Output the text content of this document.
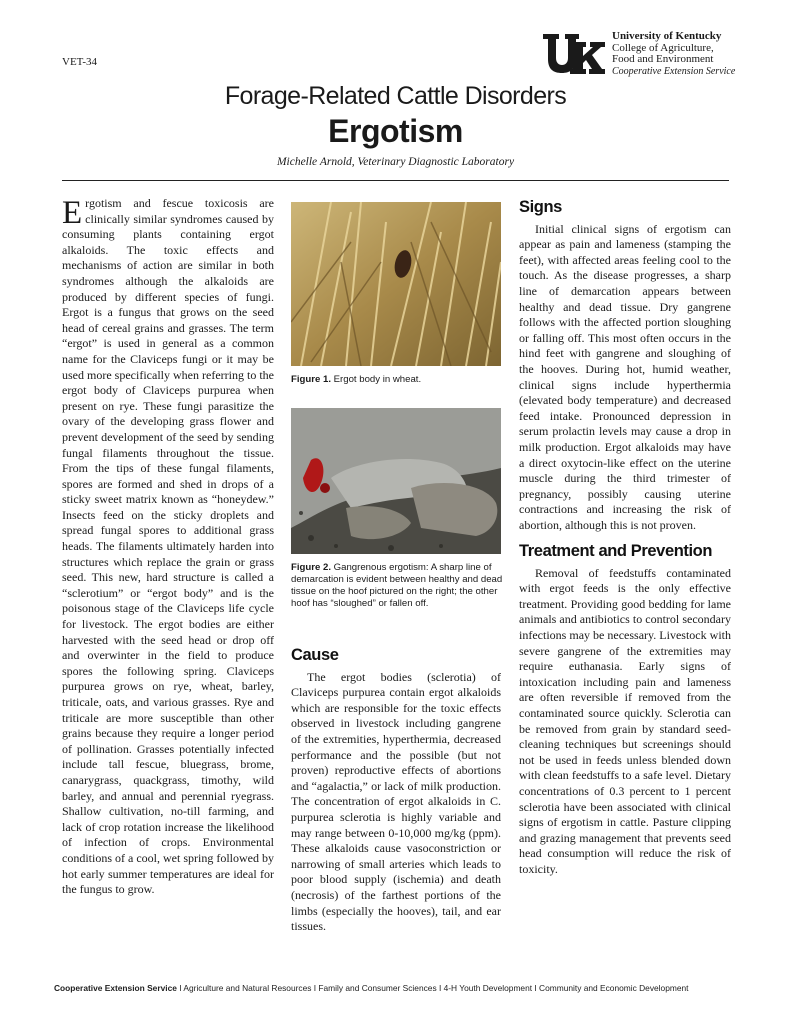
VET-34
University of Kentucky
College of Agriculture,
Food and Environment
Cooperative Extension Service
Forage-Related Cattle Disorders
Ergotism
Michelle Arnold, Veterinary Diagnostic Laboratory

Ergotism and fescue toxicosis are clinically similar syndromes caused by consuming plants containing ergot alkaloids. The toxic effects and mechanisms of action are similar in both syndromes although the alkaloids are produced by different species of fungi. Ergot is a fungus that grows on the seed head of cereal grains and grasses. The term “ergot” is used in general as a common name for the Claviceps fungi or it may be used more specifically when referring to the ergot body of Claviceps purpurea when present on rye. These fungi parasitize the ovary of the developing grass flower and prevent development of the seed by sending fungal filaments throughout the tissue. From the tips of these fungal filaments, spores are formed and shed in drops of a sticky sweet matrix known as “honeydew.” Insects feed on the sticky droplets and spread fungal spores to additional grass heads. The filaments ultimately harden into structures which replace the grain or grass seed. This new, hard structure is called a “sclerotium” or “ergot body” and is the poisonous stage of the Claviceps life cycle for livestock. The ergot bodies are either harvested with the seed head or drop off and overwinter in the field to produce spores the following spring. Claviceps purpurea grows on rye, wheat, barley, triticale, oats, and various grasses. Rye and triticale are more susceptible than other grains because they require a longer period of pollination. Grasses potentially infected include tall fescue, bluegrass, brome, canarygrass, quackgrass, timothy, wild barley, and annual and perennial ryegrass. Shallow cultivation, no-till farming, and lack of crop rotation increase the likelihood of infection of crops. Environmental conditions of a cool, wet spring followed by hot early summer temperatures are ideal for the fungus to grow.

Figure 1. Ergot body in wheat.
Figure 2. Gangrenous ergotism: A sharp line of demarcation is evident between healthy and dead tissue on the hoof pictured on the right; the other hoof has “sloughed” or fallen off.
Cause

The ergot bodies (sclerotia) of Claviceps purpurea contain ergot alkaloids which are responsible for the toxic effects observed in livestock including gangrene of the extremities, hyperthermia, decreased performance and the possible (but not proven) reproductive effects of abortions and “agalactia,” or lack of milk production. The concentration of ergot alkaloids in C. purpurea sclerotia is highly variable and may range between 0-10,000 mg/kg (ppm). These alkaloids cause vasoconstriction or narrowing of small arteries which leads to poor blood supply (ischemia) and death (necrosis) of the farthest portions of the limbs (especially the hooves), tail, and ear tissues.

Signs

Initial clinical signs of ergotism can appear as pain and lameness (stamping the feet), with affected areas feeling cool to the touch. As the disease progresses, a sharp line of demarcation appears between healthy and dead tissue. Dry gangrene follows with the affected portion sloughing or falling off. This most often occurs in the hind feet with gangrene and sloughing of the hooves. During hot, humid weather, clinical signs include hyperthermia (elevated body temperature) and decreased feed intake. Pronounced depression in serum prolactin levels may cause a drop in milk production. Ergot alkaloids may have a direct oxytocin-like effect on the uterine muscle during the third trimester of pregnancy, possibly causing uterine contractions and increasing the risk of abortion, although this is not proven.

Treatment and Prevention

Removal of feedstuffs contaminated with ergot feeds is the only effective treatment. Providing good bedding for lame animals and antibiotics to control secondary infections may be necessary. Livestock with severe gangrene of the extremities may require euthanasia. Early signs of intoxication including pain and lameness are often reversible if removed from the contaminated source quickly. Sclerotia can be removed from grain by standard seed-cleaning techniques but screenings should not be used in feeds unless blended down with clean feedstuffs to a safe level. Dietary concentrations of 0.3 percent to 1 percent sclerotia have been associated with clinical signs of ergotism in cattle. Pasture clipping and grazing management that prevents seed head consumption will reduce the risk of toxicity.

Cooperative Extension Service I Agriculture and Natural Resources I Family and Consumer Sciences I 4-H Youth Development I Community and Economic Development
